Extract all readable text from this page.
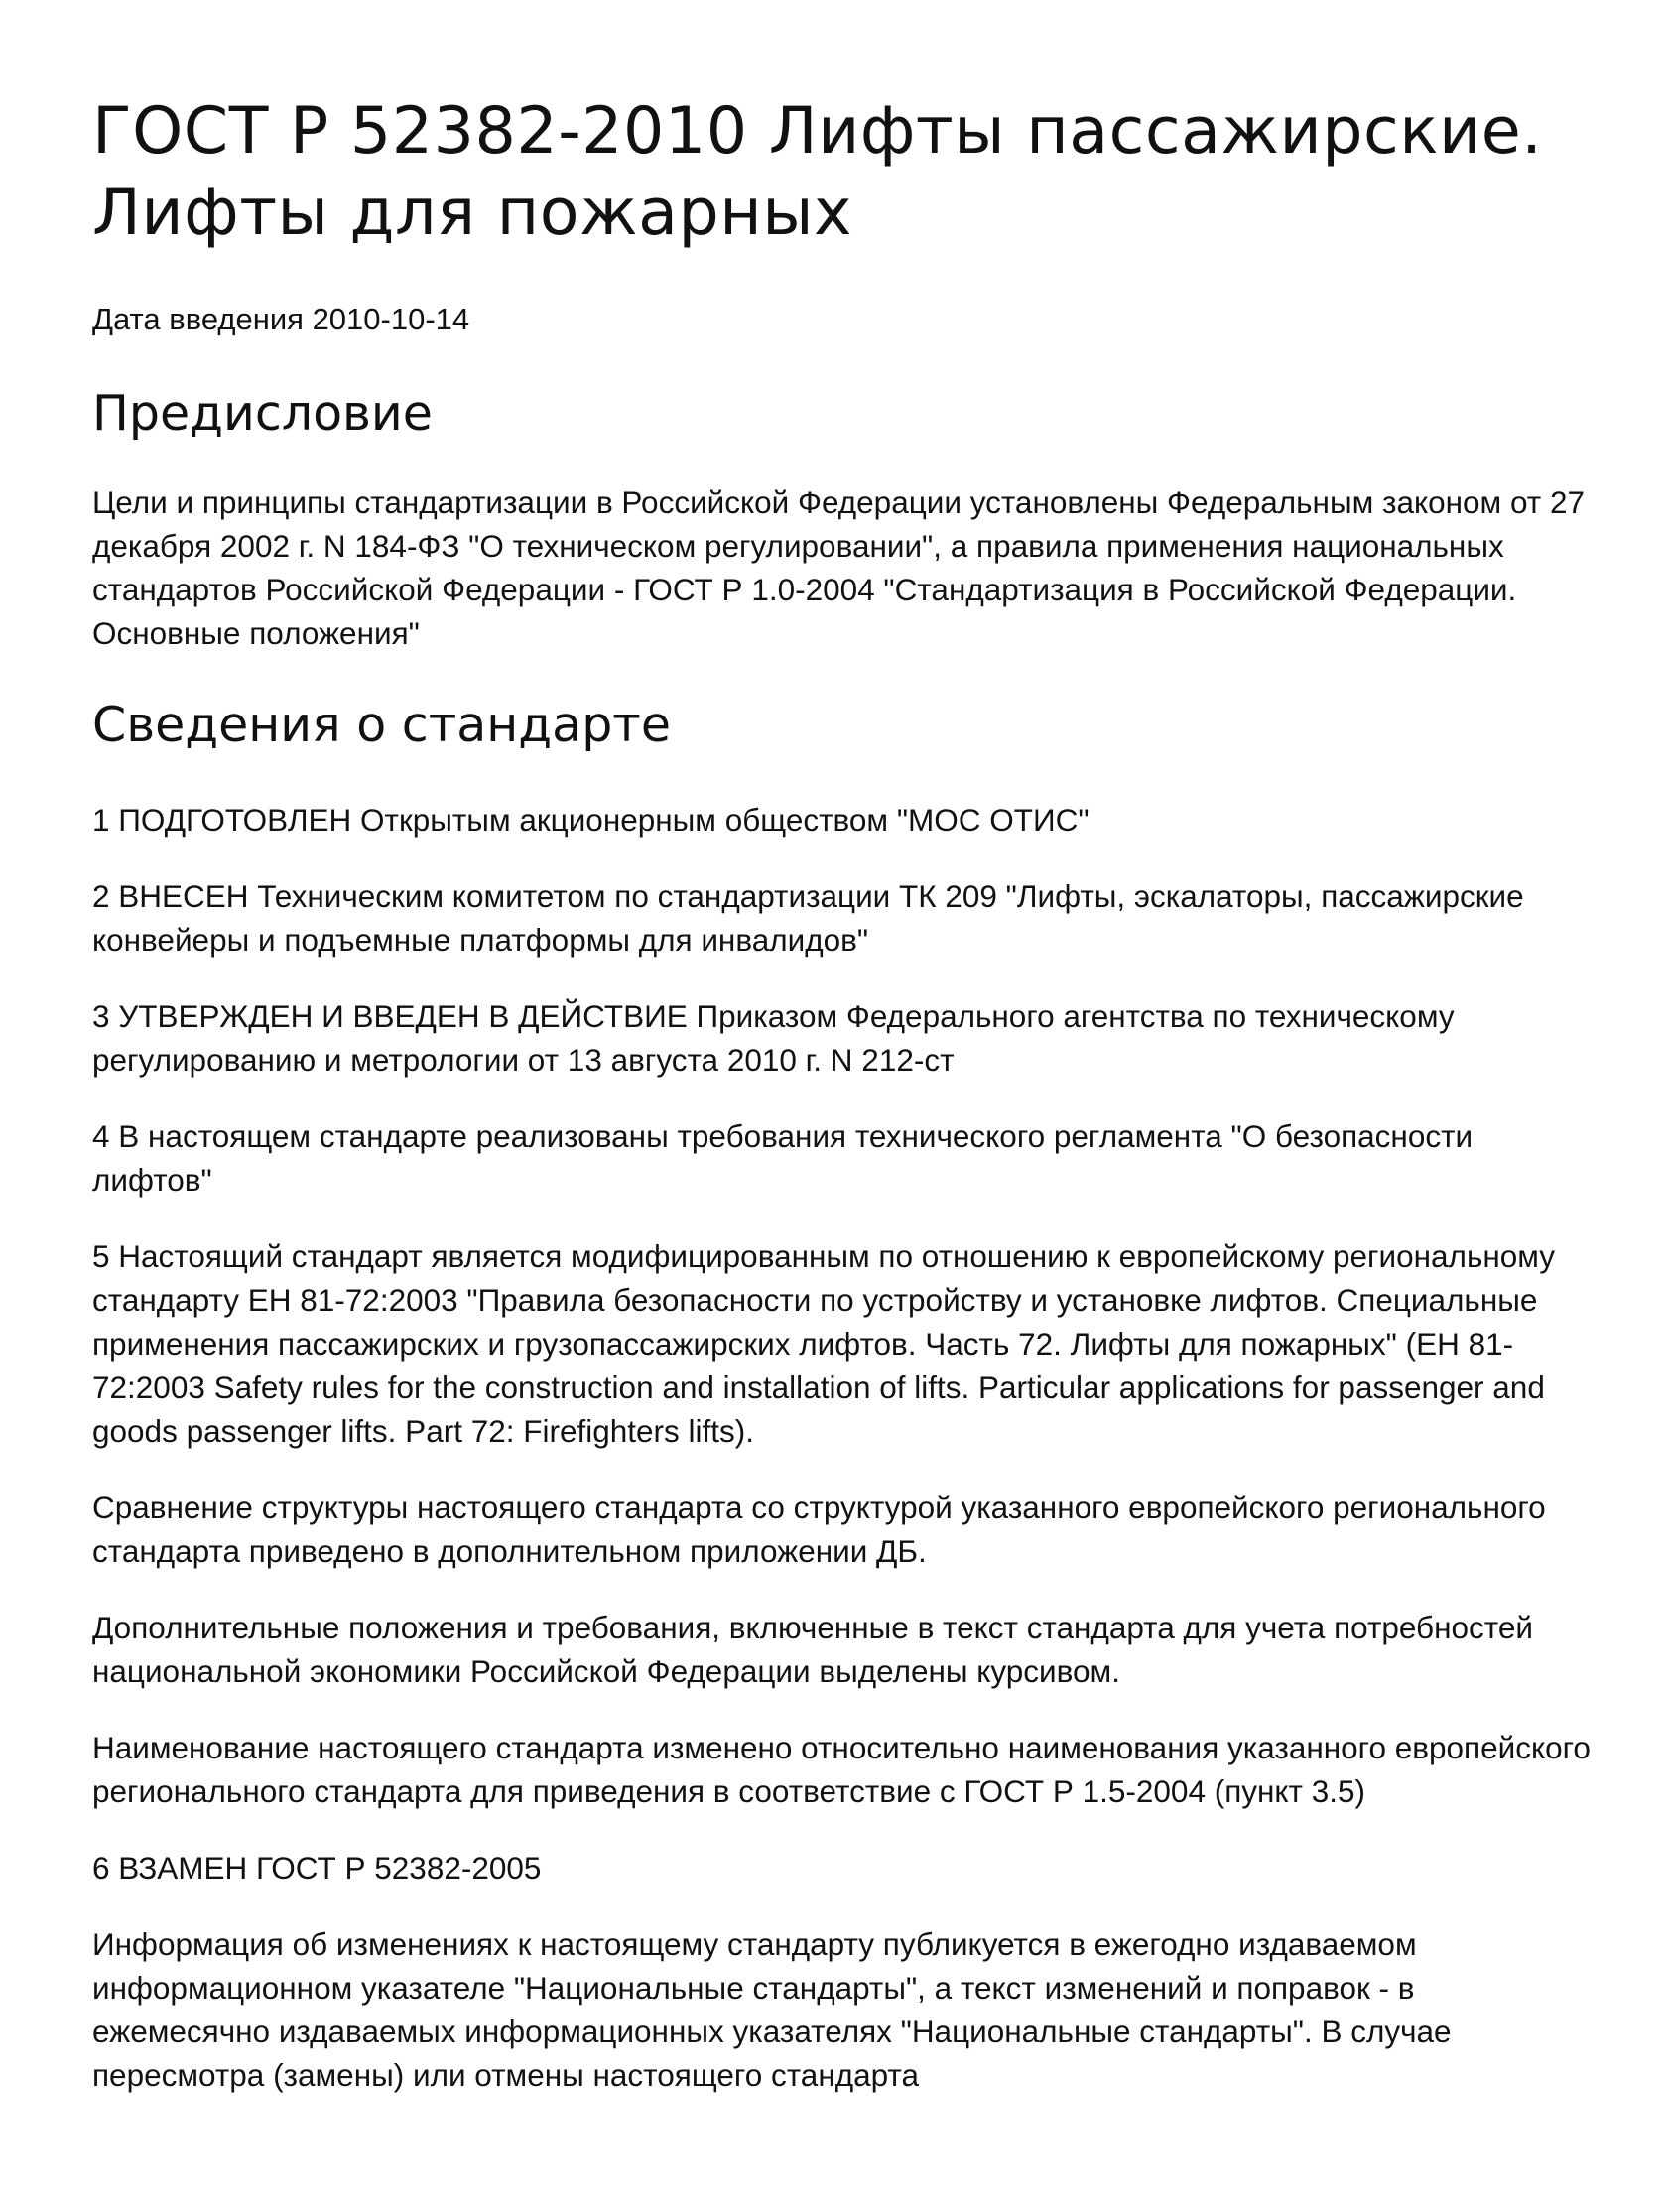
ГОСТ Р 52382-2010 Лифты пассажирские. Лифты для пожарных
Дата введения 2010-10-14
Предисловие

Цели и принципы стандартизации в Российской Федерации установлены Федеральным законом от 27 декабря 2002 г. N 184-ФЗ "О техническом регулировании", а правила применения национальных стандартов Российской Федерации - ГОСТ Р 1.0-2004 "Стандартизация в Российской Федерации. Основные положения"

Сведения о стандарте

1 ПОДГОТОВЛЕН Открытым акционерным обществом "МОС ОТИС"

2 ВНЕСЕН Техническим комитетом по стандартизации ТК 209 "Лифты, эскалаторы, пассажирские конвейеры и подъемные платформы для инвалидов"

3 УТВЕРЖДЕН И ВВЕДЕН В ДЕЙСТВИЕ Приказом Федерального агентства по техническому регулированию и метрологии от 13 августа 2010 г. N 212-ст

4 В настоящем стандарте реализованы требования технического регламента "О безопасности лифтов"

5 Настоящий стандарт является модифицированным по отношению к европейскому региональному стандарту ЕН 81-72:2003 "Правила безопасности по устройству и установке лифтов. Специальные применения пассажирских и грузопассажирских лифтов. Часть 72. Лифты для пожарных" (EH 81-72:2003 Safety rules for the construction and installation of lifts. Particular applications for passenger and goods passenger lifts. Part 72: Firefighters lifts).

Сравнение структуры настоящего стандарта со структурой указанного европейского регионального стандарта приведено в дополнительном приложении ДБ.

Дополнительные положения и требования, включенные в текст стандарта для учета потребностей национальной экономики Российской Федерации выделены курсивом.

Наименование настоящего стандарта изменено относительно наименования указанного европейского регионального стандарта для приведения в соответствие с ГОСТ Р 1.5-2004 (пункт 3.5)

6 ВЗАМЕН ГОСТ Р 52382-2005

Информация об изменениях к настоящему стандарту публикуется в ежегодно издаваемом информационном указателе "Национальные стандарты", а текст изменений и поправок - в ежемесячно издаваемых информационных указателях "Национальные стандарты". В случае пересмотра (замены) или отмены настоящего стандарта
